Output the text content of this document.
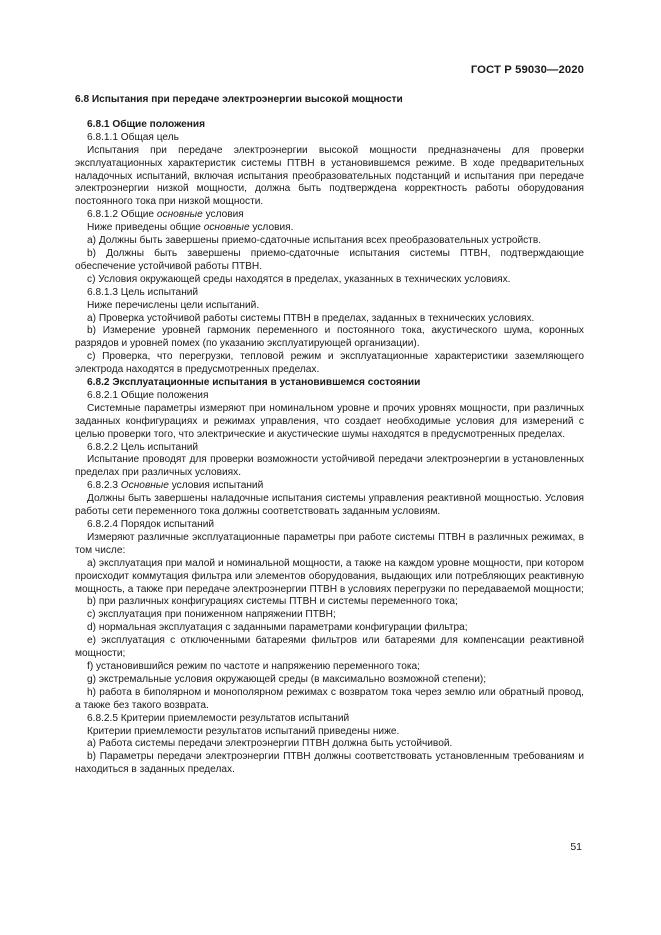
ГОСТ Р 59030—2020

6.8 Испытания при передаче электроэнергии высокой мощности

6.8.1 Общие положения

6.8.1.1 Общая цель

Испытания при передаче электроэнергии высокой мощности предназначены для проверки эксплуатационных характеристик системы ПТВН в установившемся режиме. В ходе предварительных наладочных испытаний, включая испытания преобразовательных подстанций и испытания при передаче электроэнергии низкой мощности, должна быть подтверждена корректность работы оборудования постоянного тока при низкой мощности.

6.8.1.2 Общие основные условия

Ниже приведены общие основные условия.

a) Должны быть завершены приемо-сдаточные испытания всех преобразовательных устройств.

b) Должны быть завершены приемо-сдаточные испытания системы ПТВН, подтверждающие обеспечение устойчивой работы ПТВН.

c) Условия окружающей среды находятся в пределах, указанных в технических условиях.

6.8.1.3 Цель испытаний

Ниже перечислены цели испытаний.

a) Проверка устойчивой работы системы ПТВН в пределах, заданных в технических условиях.

b) Измерение уровней гармоник переменного и постоянного тока, акустического шума, коронных разрядов и уровней помех (по указанию эксплуатирующей организации).

c) Проверка, что перегрузки, тепловой режим и эксплуатационные характеристики заземляющего электрода находятся в предусмотренных пределах.

6.8.2 Эксплуатационные испытания в установившемся состоянии

6.8.2.1 Общие положения

Системные параметры измеряют при номинальном уровне и прочих уровнях мощности, при различных заданных конфигурациях и режимах управления, что создает необходимые условия для измерений с целью проверки того, что электрические и акустические шумы находятся в предусмотренных пределах.

6.8.2.2 Цель испытаний

Испытание проводят для проверки возможности устойчивой передачи электроэнергии в установленных пределах при различных условиях.

6.8.2.3 Основные условия испытаний

Должны быть завершены наладочные испытания системы управления реактивной мощностью. Условия работы сети переменного тока должны соответствовать заданным условиям.

6.8.2.4 Порядок испытаний

Измеряют различные эксплуатационные параметры при работе системы ПТВН в различных режимах, в том числе:

a) эксплуатация при малой и номинальной мощности, а также на каждом уровне мощности, при котором происходит коммутация фильтра или элементов оборудования, выдающих или потребляющих реактивную мощность, а также при передаче электроэнергии ПТВН в условиях перегрузки по передаваемой мощности;

b) при различных конфигурациях системы ПТВН и системы переменного тока;

c) эксплуатация при пониженном напряжении ПТВН;

d) нормальная эксплуатация с заданными параметрами конфигурации фильтра;

e) эксплуатация с отключенными батареями фильтров или батареями для компенсации реактивной мощности;

f) установившийся режим по частоте и напряжению переменного тока;

g) экстремальные условия окружающей среды (в максимально возможной степени);

h) работа в биполярном и монополярном режимах с возвратом тока через землю или обратный провод, а также без такого возврата.

6.8.2.5 Критерии приемлемости результатов испытаний

Критерии приемлемости результатов испытаний приведены ниже.

a) Работа системы передачи электроэнергии ПТВН должна быть устойчивой.

b) Параметры передачи электроэнергии ПТВН должны соответствовать установленным требованиям и находиться в заданных пределах.

51
